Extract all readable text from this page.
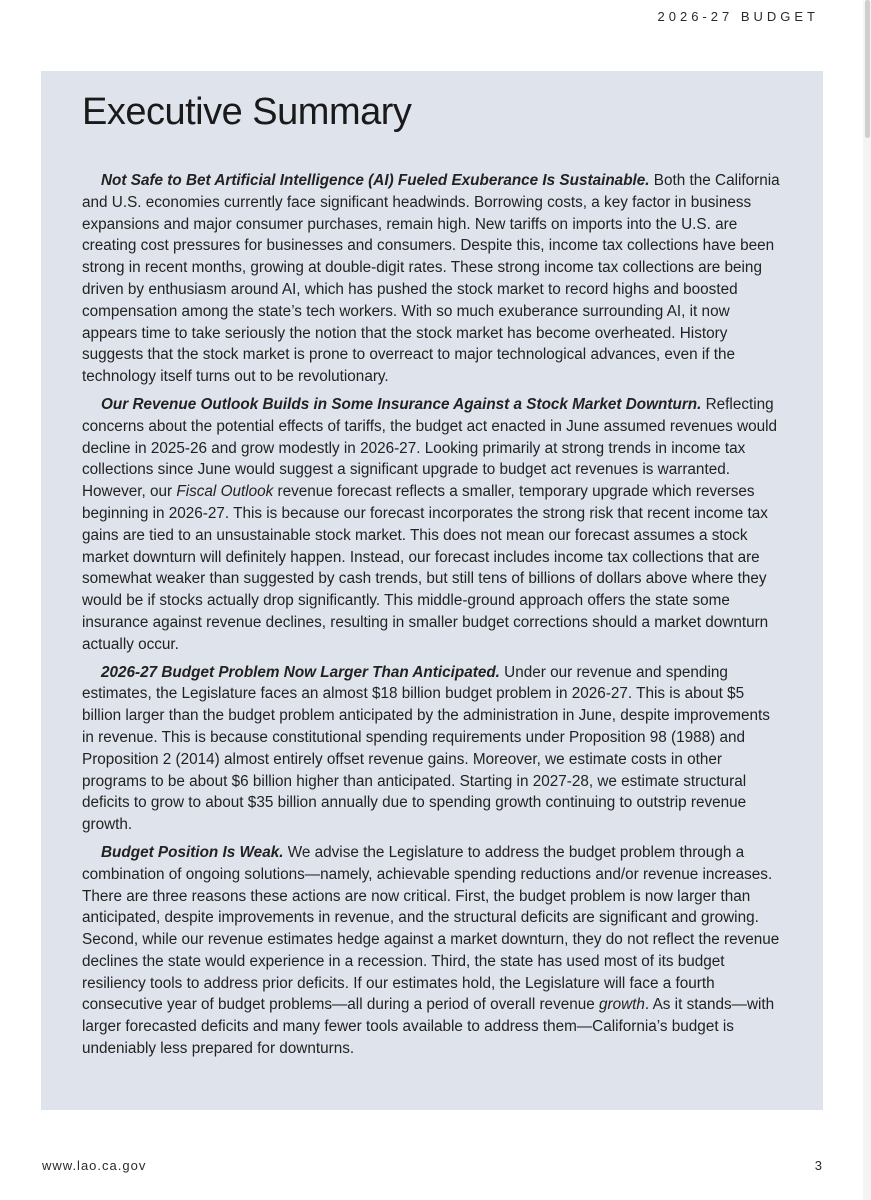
2026-27 BUDGET
Executive Summary

Not Safe to Bet Artificial Intelligence (AI) Fueled Exuberance Is Sustainable. Both the California and U.S. economies currently face significant headwinds. Borrowing costs, a key factor in business expansions and major consumer purchases, remain high. New tariffs on imports into the U.S. are creating cost pressures for businesses and consumers. Despite this, income tax collections have been strong in recent months, growing at double-digit rates. These strong income tax collections are being driven by enthusiasm around AI, which has pushed the stock market to record highs and boosted compensation among the state’s tech workers. With so much exuberance surrounding AI, it now appears time to take seriously the notion that the stock market has become overheated. History suggests that the stock market is prone to overreact to major technological advances, even if the technology itself turns out to be revolutionary.

Our Revenue Outlook Builds in Some Insurance Against a Stock Market Downturn. Reflecting concerns about the potential effects of tariffs, the budget act enacted in June assumed revenues would decline in 2025-26 and grow modestly in 2026-27. Looking primarily at strong trends in income tax collections since June would suggest a significant upgrade to budget act revenues is warranted. However, our Fiscal Outlook revenue forecast reflects a smaller, temporary upgrade which reverses beginning in 2026-27. This is because our forecast incorporates the strong risk that recent income tax gains are tied to an unsustainable stock market. This does not mean our forecast assumes a stock market downturn will definitely happen. Instead, our forecast includes income tax collections that are somewhat weaker than suggested by cash trends, but still tens of billions of dollars above where they would be if stocks actually drop significantly. This middle-ground approach offers the state some insurance against revenue declines, resulting in smaller budget corrections should a market downturn actually occur.

2026-27 Budget Problem Now Larger Than Anticipated. Under our revenue and spending estimates, the Legislature faces an almost $18 billion budget problem in 2026-27. This is about $5 billion larger than the budget problem anticipated by the administration in June, despite improvements in revenue. This is because constitutional spending requirements under Proposition 98 (1988) and Proposition 2 (2014) almost entirely offset revenue gains. Moreover, we estimate costs in other programs to be about $6 billion higher than anticipated. Starting in 2027-28, we estimate structural deficits to grow to about $35 billion annually due to spending growth continuing to outstrip revenue growth.

Budget Position Is Weak. We advise the Legislature to address the budget problem through a combination of ongoing solutions—namely, achievable spending reductions and/or revenue increases. There are three reasons these actions are now critical. First, the budget problem is now larger than anticipated, despite improvements in revenue, and the structural deficits are significant and growing. Second, while our revenue estimates hedge against a market downturn, they do not reflect the revenue declines the state would experience in a recession. Third, the state has used most of its budget resiliency tools to address prior deficits. If our estimates hold, the Legislature will face a fourth consecutive year of budget problems—all during a period of overall revenue growth. As it stands—with larger forecasted deficits and many fewer tools available to address them—California’s budget is undeniably less prepared for downturns.

www.lao.ca.gov	3
